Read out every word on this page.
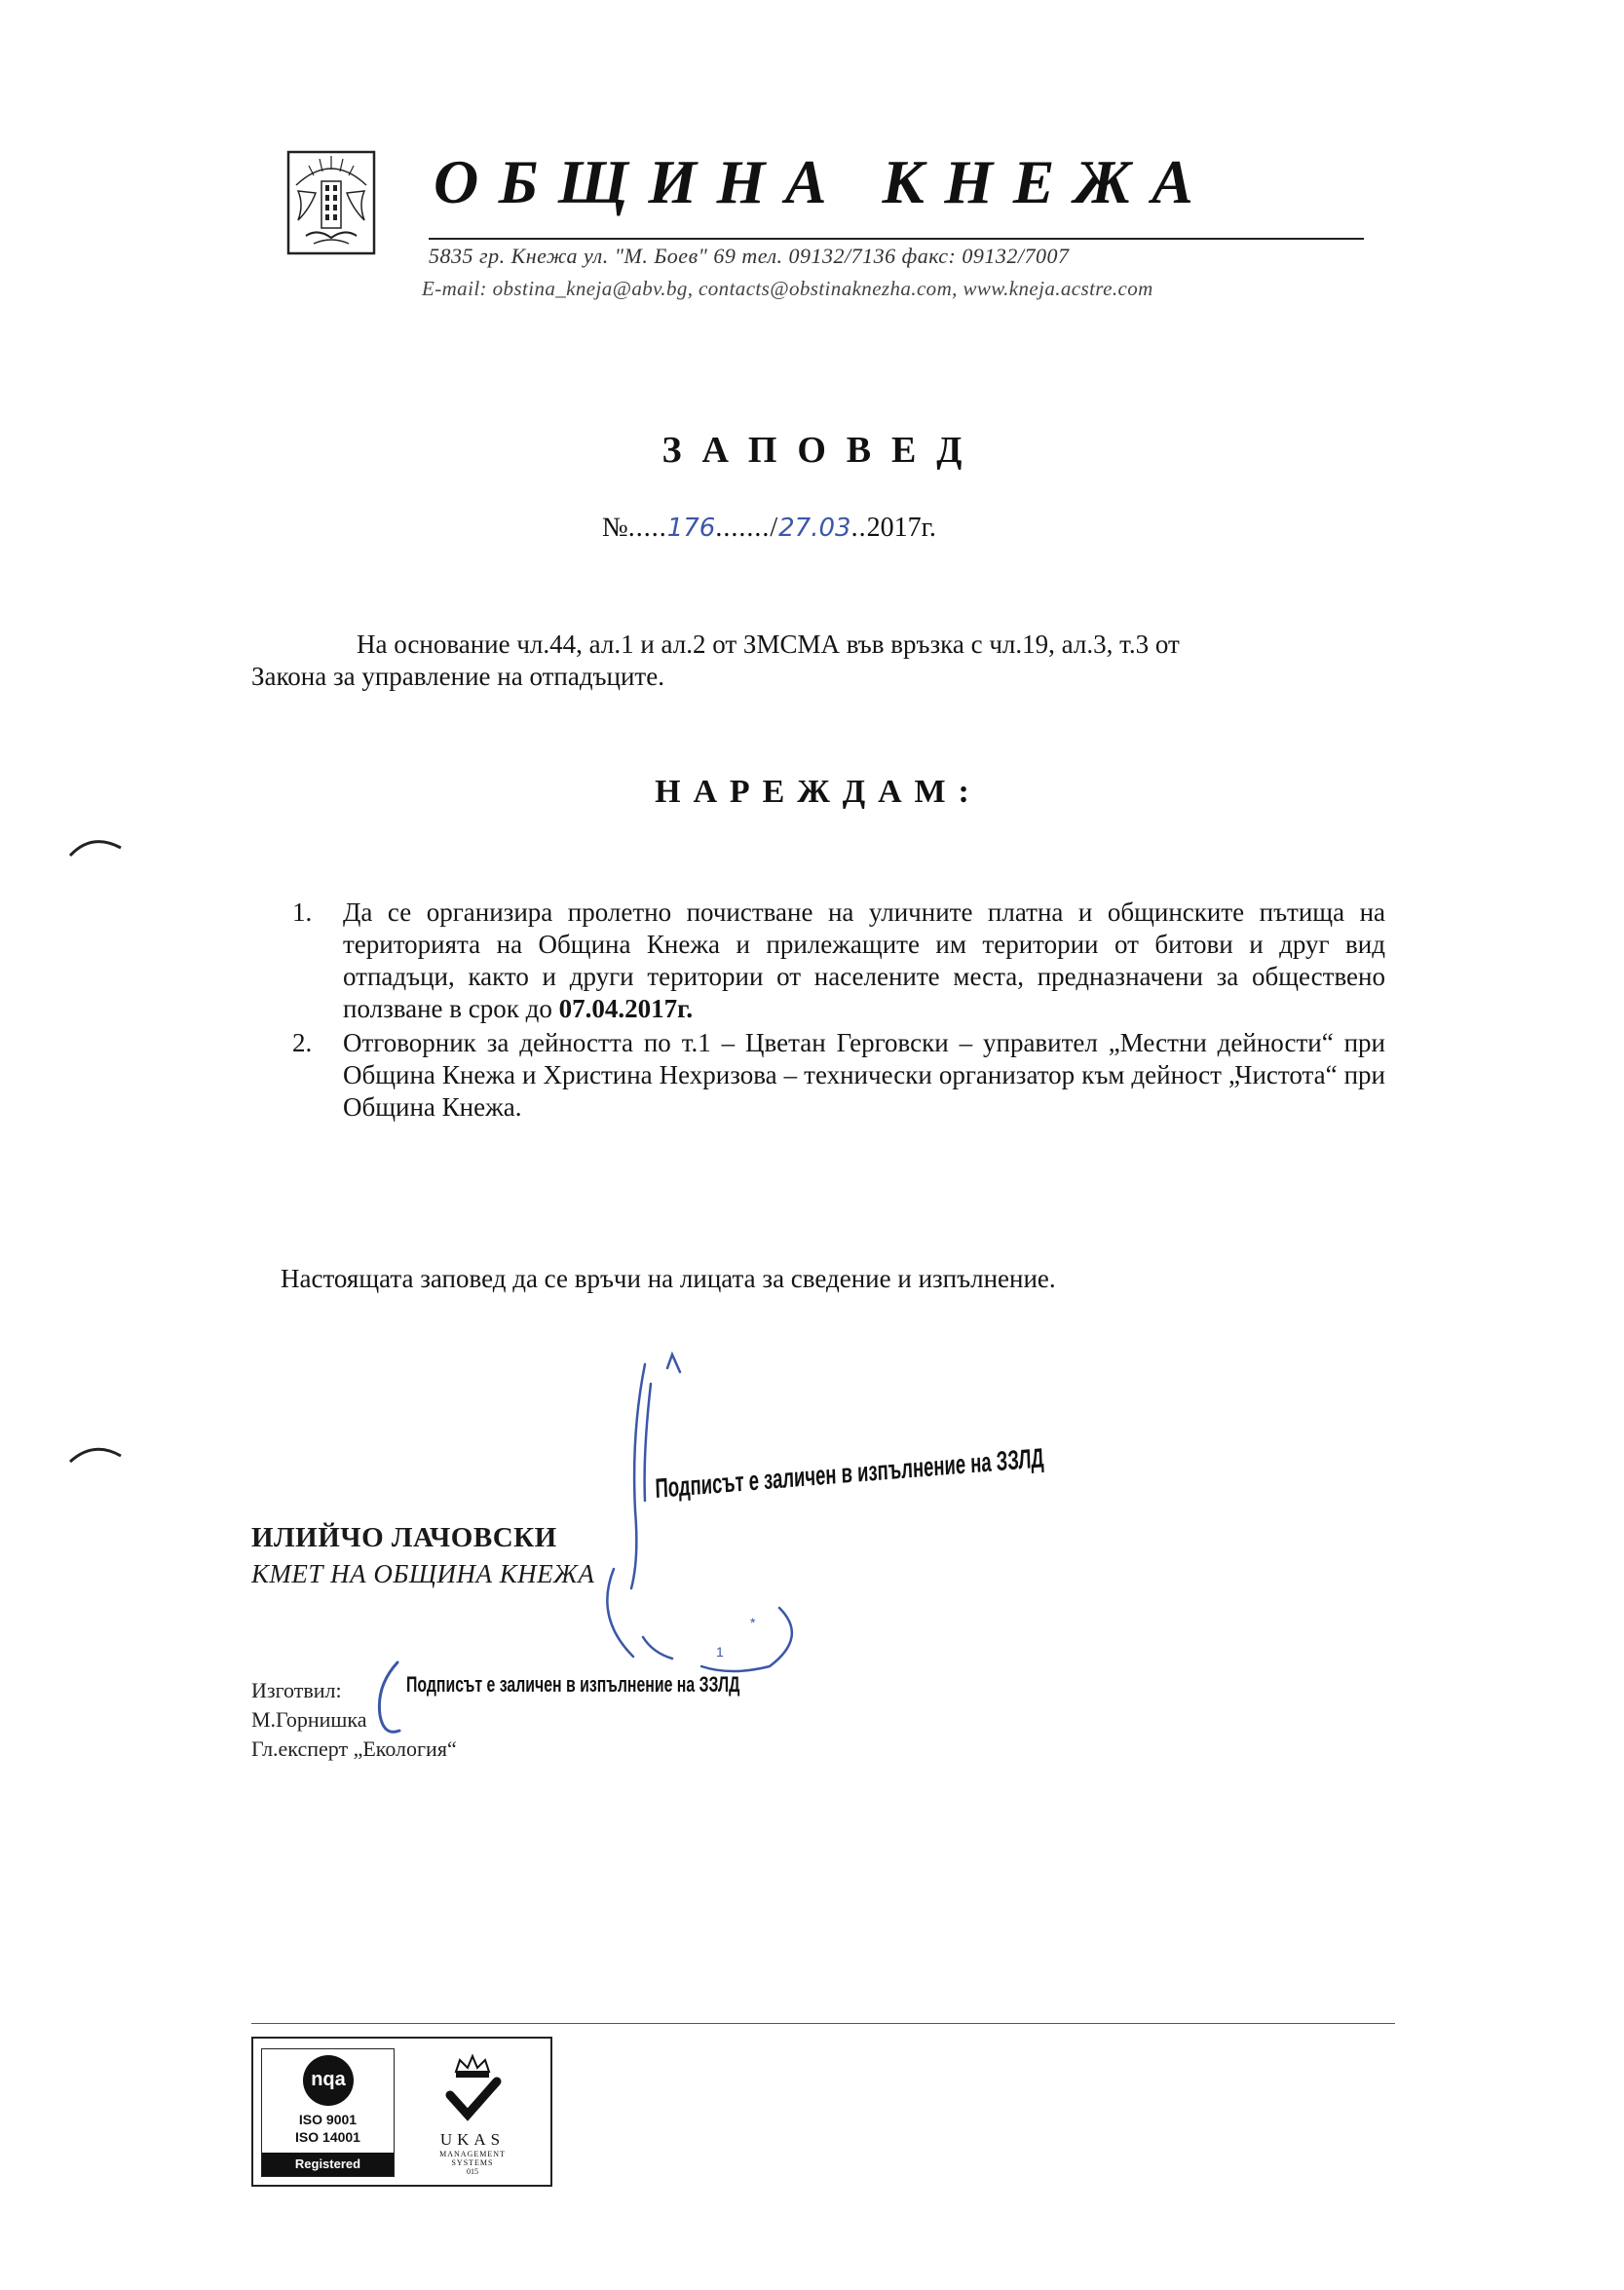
ОБЩИНА КНЕЖА
5835 гр. Кнежа ул. "М. Боев" 69 тел. 09132/7136 факс: 09132/7007
E-mail: obstina_kneja@abv.bg, contacts@obstinaknezha.com, www.kneja.acstre.com
ЗАПОВЕД
№.....176......./27.03..2017г.
На основание чл.44, ал.1 и ал.2 от ЗМСМА във връзка с чл.19, ал.3, т.3 от
Закона за управление на отпадъците.
НАРЕЖДАМ:
1. Да се организира пролетно почистване на уличните платна и общинските пътища на територията на Община Кнежа и прилежащите им територии от битови и друг вид отпадъци, както и други територии от населените места, предназначени за обществено ползване в срок до 07.04.2017г.
2. Отговорник за дейността по т.1 – Цветан Герговски – управител „Местни дейности“ при Община Кнежа и Христина Нехризова – технически организатор към дейност „Чистота“ при Община Кнежа.
Настоящата заповед да се връчи на лицата за сведение и изпълнение.
*
1
ИЛИЙЧО ЛАЧОВСКИ
КМЕТ НА ОБЩИНА КНЕЖА
Подписът е заличен в изпълнение на ЗЗЛД
Изготвил:
М.Горнишка
Гл.експерт „Екология“
Подписът е заличен в изпълнение на ЗЗЛД
nqa
ISO 9001
ISO 14001
Registered
UKAS
MANAGEMENT
SYSTEMS
015
